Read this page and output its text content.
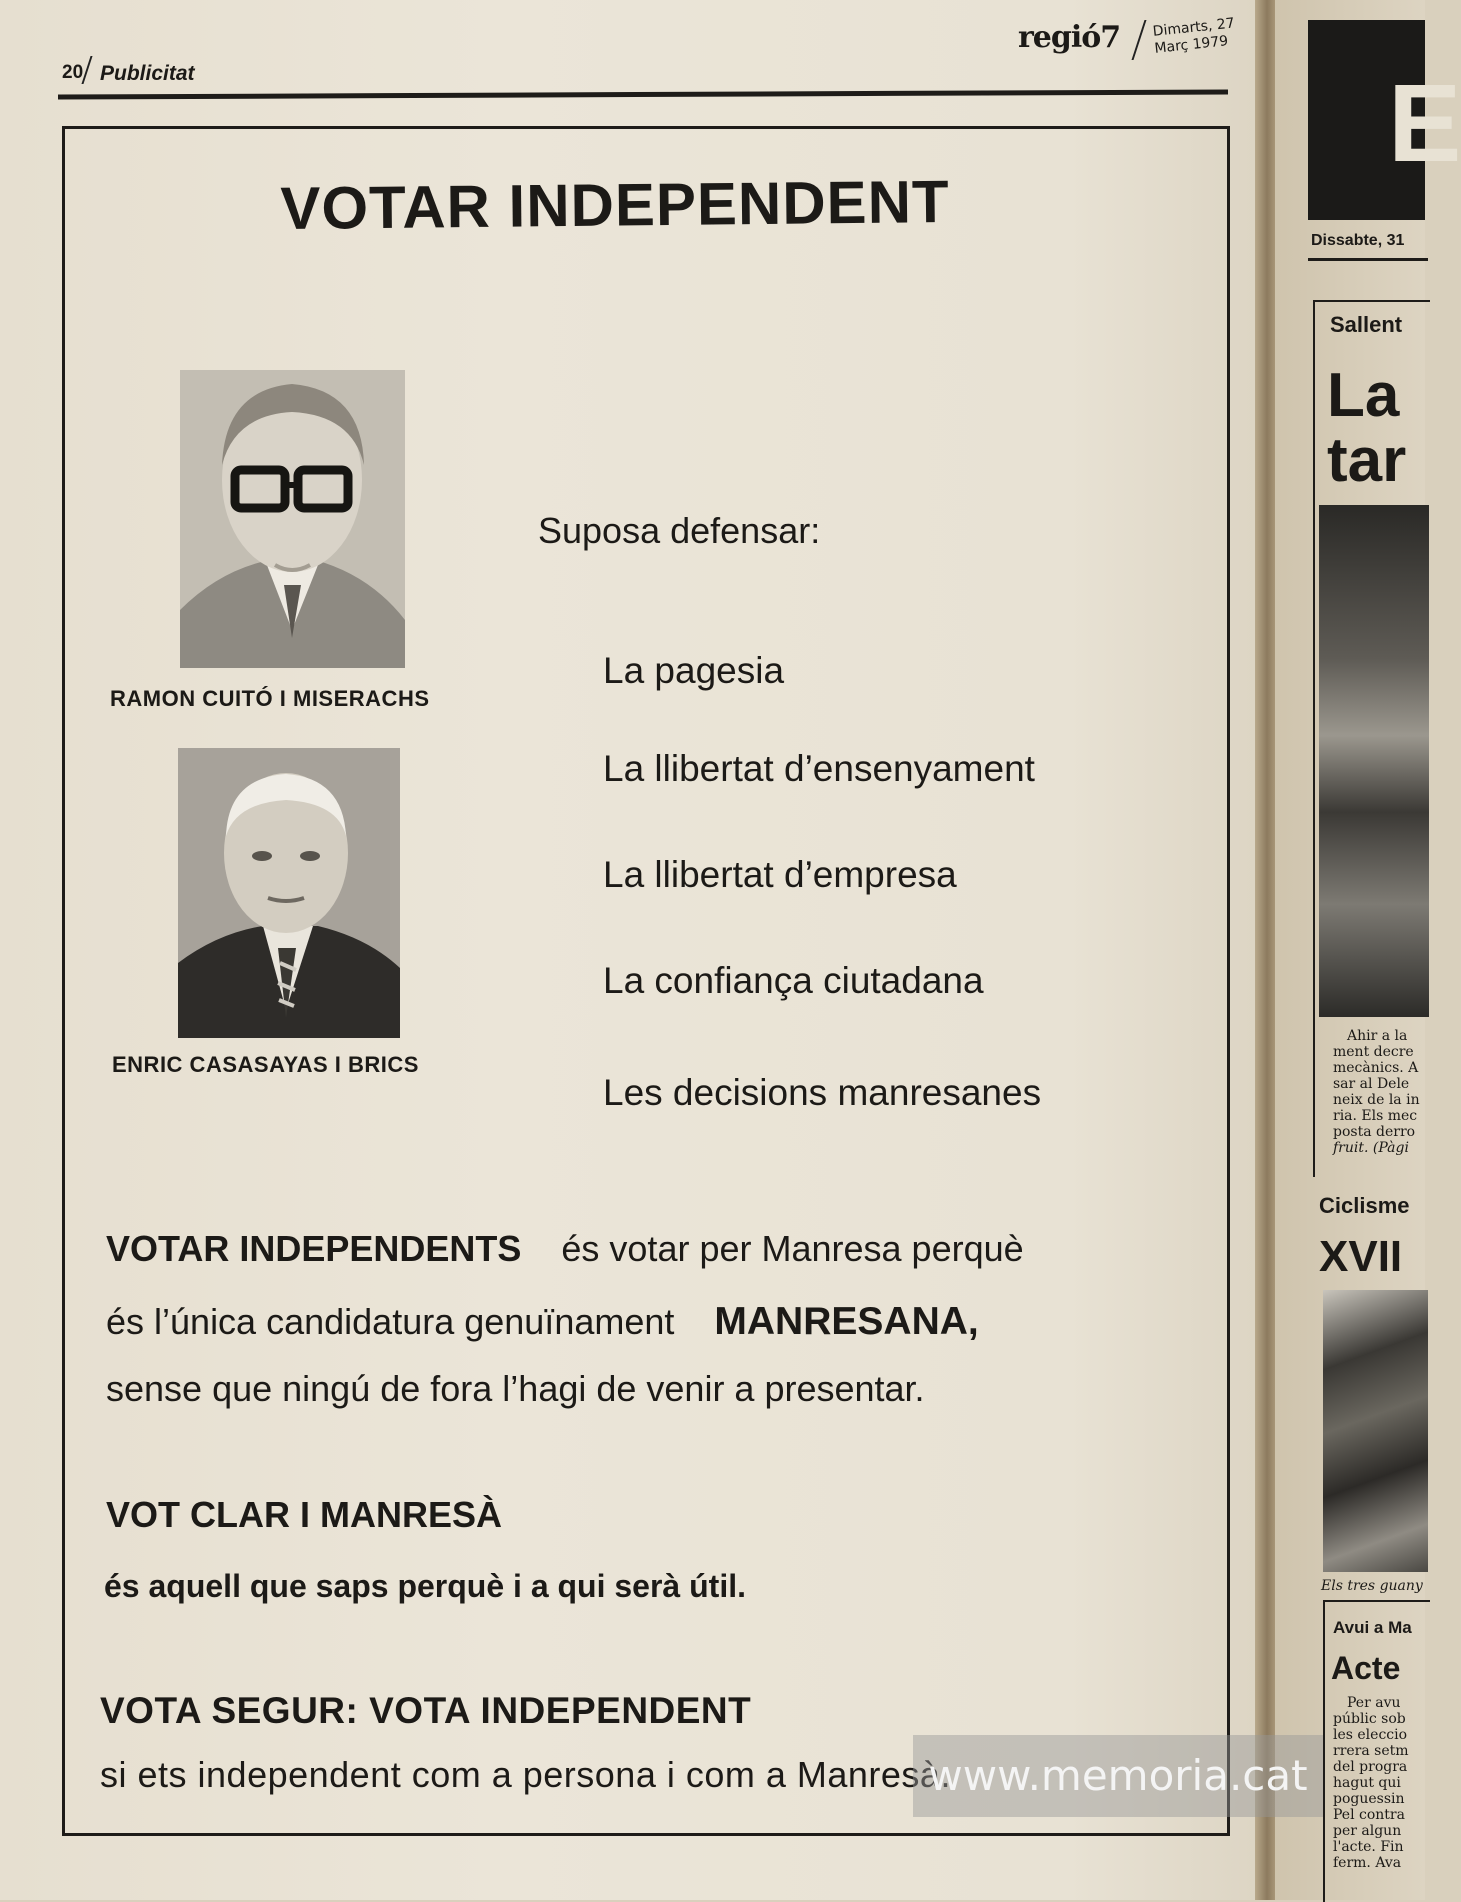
20 Publicitat
regió7 Dimarts, 27
Març 1979
VOTAR INDEPENDENT
RAMON CUITÓ I MISERACHS
ENRIC CASASAYAS I BRICS
Suposa defensar:
La pagesia
La llibertat d’ensenyament
La llibertat d’empresa
La confiança ciutadana
Les decisions manresanes
VOTAR INDEPENDENTS és votar per Manresa perquè
és l’única candidatura genuïnament MANRESANA,
sense que ningú de fora l’hagi de venir a presentar.
VOT CLAR I MANRESÀ
és aquell que saps perquè i a qui serà útil.
VOTA SEGUR: VOTA INDEPENDENT
si ets independent com a persona i com a Manresà.
E
Dissabte, 31
Sallent
La
tar
Ahir a la
ment decre
mecànics. A
sar al Dele
neix de la in
ria. Els mec
posta derro
fruit. (Pàgi
Ciclisme
XVII
Els tres guany
Avui a Ma
Acte
Per avu
públic sob
les eleccio
rrera setm
del progra
hagut qui
poguessin
Pel contra
per algun
l'acte. Fin
ferm. Ava
www.memoria.cat
